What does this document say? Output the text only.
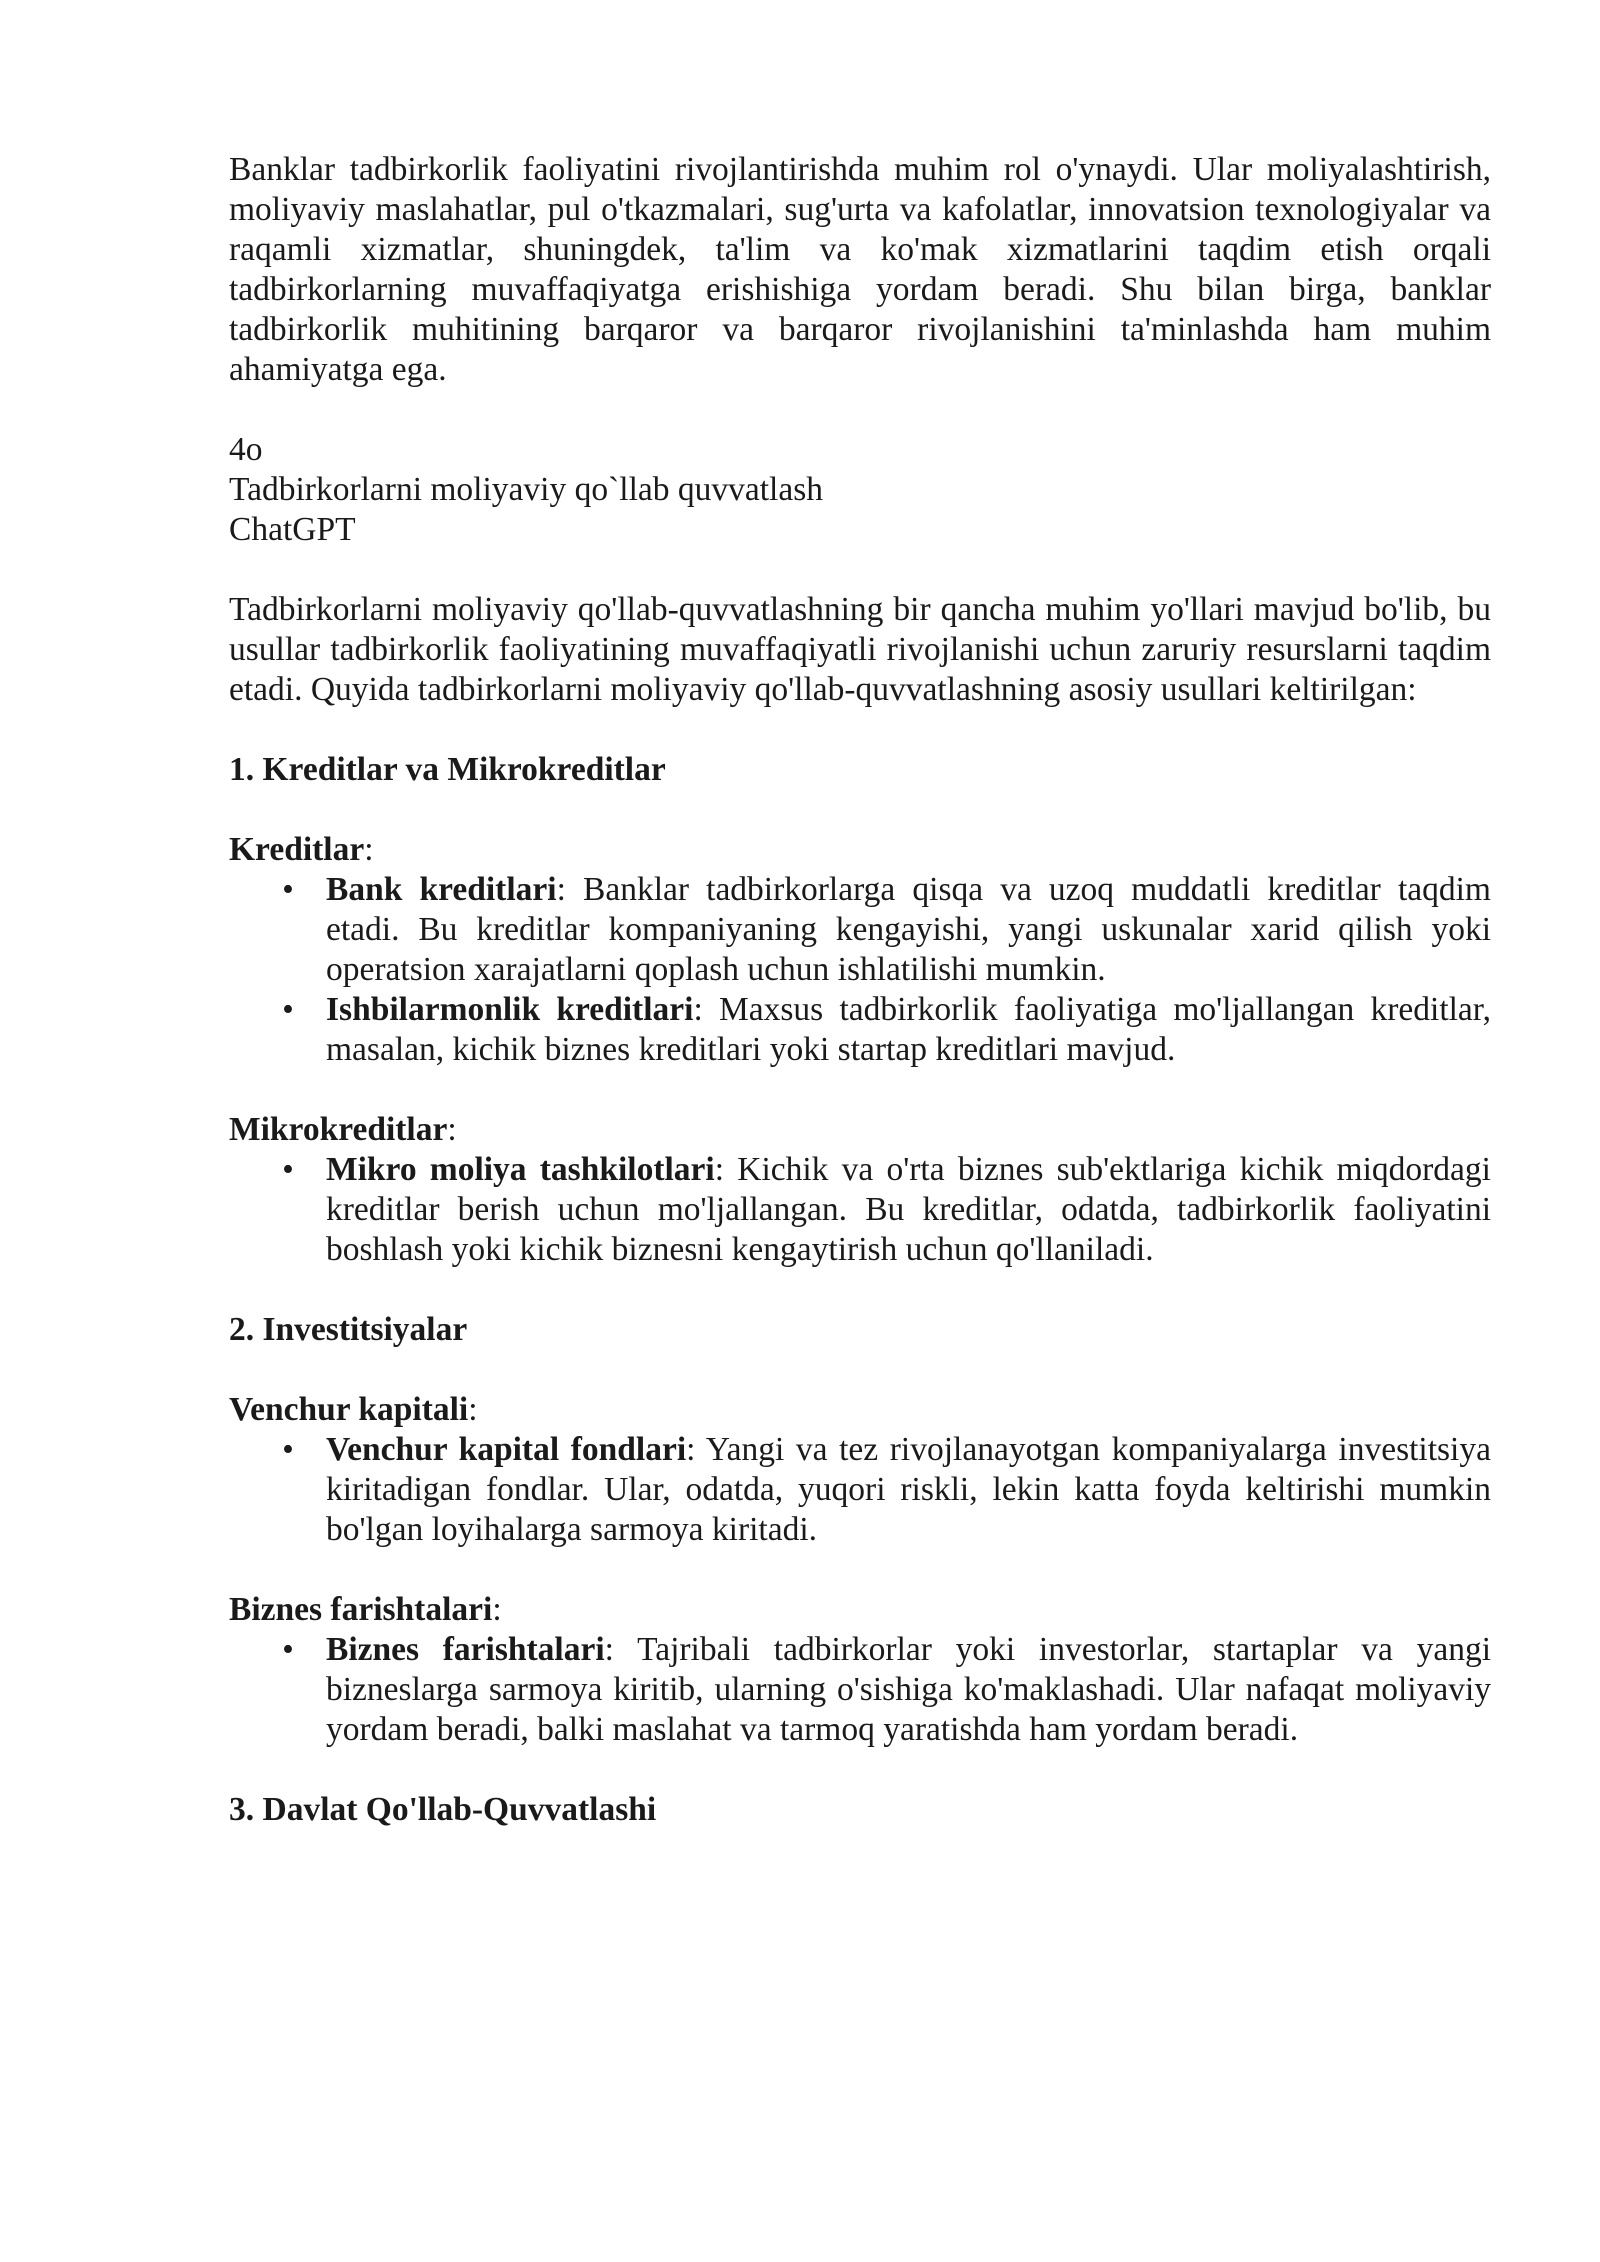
Banklar tadbirkorlik faoliyatini rivojlantirishda muhim rol o'ynaydi. Ular moliyalashtirish, moliyaviy maslahatlar, pul o'tkazmalari, sug'urta va kafolatlar, innovatsion texnologiyalar va raqamli xizmatlar, shuningdek, ta'lim va ko'mak xizmatlarini taqdim etish orqali tadbirkorlarning muvaffaqiyatga erishishiga yordam beradi. Shu bilan birga, banklar tadbirkorlik muhitining barqaror va barqaror rivojlanishini ta'minlashda ham muhim ahamiyatga ega.

4o

Tadbirkorlarni moliyaviy qo`llab quvvatlash

ChatGPT

Tadbirkorlarni moliyaviy qo'llab-quvvatlashning bir qancha muhim yo'llari mavjud bo'lib, bu usullar tadbirkorlik faoliyatining muvaffaqiyatli rivojlanishi uchun zaruriy resurslarni taqdim etadi. Quyida tadbirkorlarni moliyaviy qo'llab-quvvatlashning asosiy usullari keltirilgan:

1. Kreditlar va Mikrokreditlar

Kreditlar:

• Bank kreditlari: Banklar tadbirkorlarga qisqa va uzoq muddatli kreditlar taqdim etadi. Bu kreditlar kompaniyaning kengayishi, yangi uskunalar xarid qilish yoki operatsion xarajatlarni qoplash uchun ishlatilishi mumkin.
• Ishbilarmonlik kreditlari: Maxsus tadbirkorlik faoliyatiga mo'ljallangan kreditlar, masalan, kichik biznes kreditlari yoki startap kreditlari mavjud.

Mikrokreditlar:

• Mikro moliya tashkilotlari: Kichik va o'rta biznes sub'ektlariga kichik miqdordagi kreditlar berish uchun mo'ljallangan. Bu kreditlar, odatda, tadbirkorlik faoliyatini boshlash yoki kichik biznesni kengaytirish uchun qo'llaniladi.

2. Investitsiyalar

Venchur kapitali:

• Venchur kapital fondlari: Yangi va tez rivojlanayotgan kompaniyalarga investitsiya kiritadigan fondlar. Ular, odatda, yuqori riskli, lekin katta foyda keltirishi mumkin bo'lgan loyihalarga sarmoya kiritadi.

Biznes farishtalari:

• Biznes farishtalari: Tajribali tadbirkorlar yoki investorlar, startaplar va yangi bizneslarga sarmoya kiritib, ularning o'sishiga ko'maklashadi. Ular nafaqat moliyaviy yordam beradi, balki maslahat va tarmoq yaratishda ham yordam beradi.

3. Davlat Qo'llab-Quvvatlashi
